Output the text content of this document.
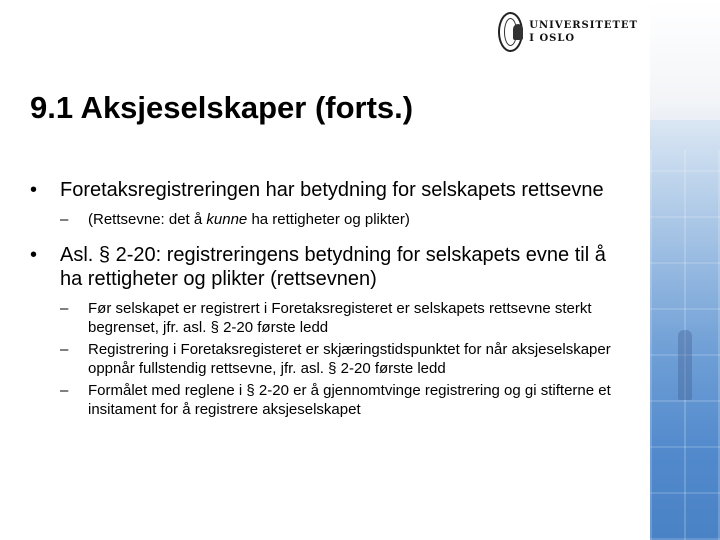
UNIVERSITETET
I OSLO
9.1 Aksjeselskaper (forts.)

• Foretaksregistreringen har betydning for selskapets rettsevne

– (Rettsevne: det å kunne ha rettigheter og plikter)

• Asl. § 2-20: registreringens betydning for selskapets evne til å ha rettigheter og plikter (rettsevnen)

– Før selskapet er registrert i Foretaksregisteret er selskapets rettsevne sterkt begrenset, jfr. asl. § 2-20 første ledd

– Registrering i Foretaksregisteret er skjæringstidspunktet for når aksjeselskaper oppnår fullstendig rettsevne, jfr. asl. § 2-20 første ledd

– Formålet med reglene i § 2-20 er å gjennomtvinge registrering og gi stifterne et insitament for å registrere aksjeselskapet
